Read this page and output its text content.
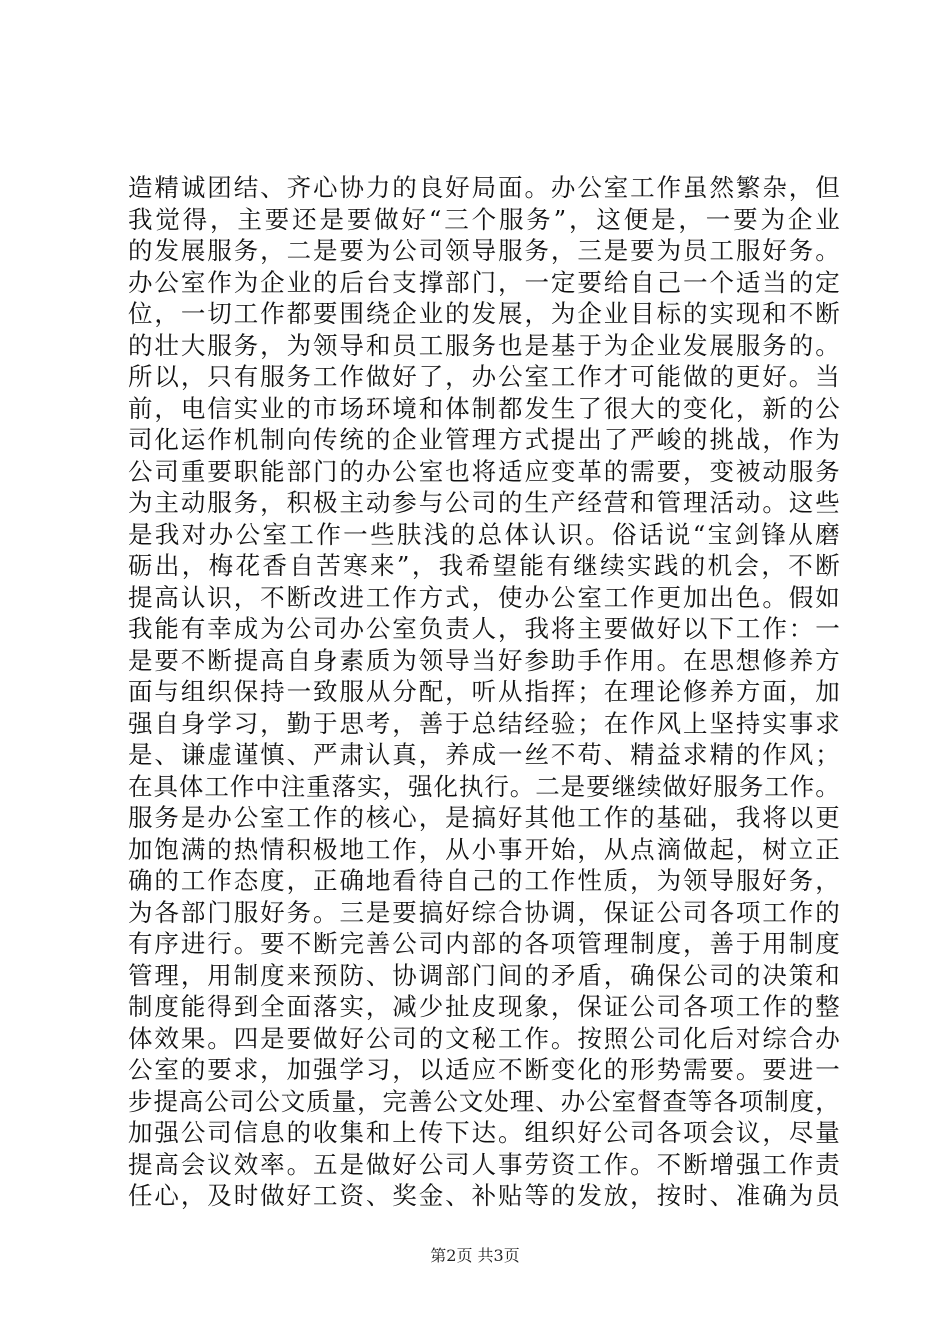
造精诚团结、齐心协力的良好局面。办公室工作虽然繁杂，但
我觉得，主要还是要做好“三个服务”，这便是，一要为企业
的发展服务，二是要为公司领导服务，三是要为员工服好务。
办公室作为企业的后台支撑部门，一定要给自己一个适当的定
位，一切工作都要围绕企业的发展，为企业目标的实现和不断
的壮大服务，为领导和员工服务也是基于为企业发展服务的。
所以，只有服务工作做好了，办公室工作才可能做的更好。当
前，电信实业的市场环境和体制都发生了很大的变化，新的公
司化运作机制向传统的企业管理方式提出了严峻的挑战，作为
公司重要职能部门的办公室也将适应变革的需要，变被动服务
为主动服务，积极主动参与公司的生产经营和管理活动。这些
是我对办公室工作一些肤浅的总体认识。俗话说“宝剑锋从磨
砺出，梅花香自苦寒来”，我希望能有继续实践的机会，不断
提高认识，不断改进工作方式，使办公室工作更加出色。假如
我能有幸成为公司办公室负责人，我将主要做好以下工作：一
是要不断提高自身素质为领导当好参助手作用。在思想修养方
面与组织保持一致服从分配，听从指挥；在理论修养方面，加
强自身学习，勤于思考，善于总结经验；在作风上坚持实事求
是、谦虚谨慎、严肃认真，养成一丝不苟、精益求精的作风；
在具体工作中注重落实，强化执行。二是要继续做好服务工作。
服务是办公室工作的核心，是搞好其他工作的基础，我将以更
加饱满的热情积极地工作，从小事开始，从点滴做起，树立正
确的工作态度，正确地看待自己的工作性质，为领导服好务，
为各部门服好务。三是要搞好综合协调，保证公司各项工作的
有序进行。要不断完善公司内部的各项管理制度，善于用制度
管理，用制度来预防、协调部门间的矛盾，确保公司的决策和
制度能得到全面落实，减少扯皮现象，保证公司各项工作的整
体效果。四是要做好公司的文秘工作。按照公司化后对综合办
公室的要求，加强学习，以适应不断变化的形势需要。要进一
步提高公司公文质量，完善公文处理、办公室督查等各项制度，
加强公司信息的收集和上传下达。组织好公司各项会议，尽量
提高会议效率。五是做好公司人事劳资工作。不断增强工作责
任心，及时做好工资、奖金、补贴等的发放，按时、准确为员
第2页 共3页
